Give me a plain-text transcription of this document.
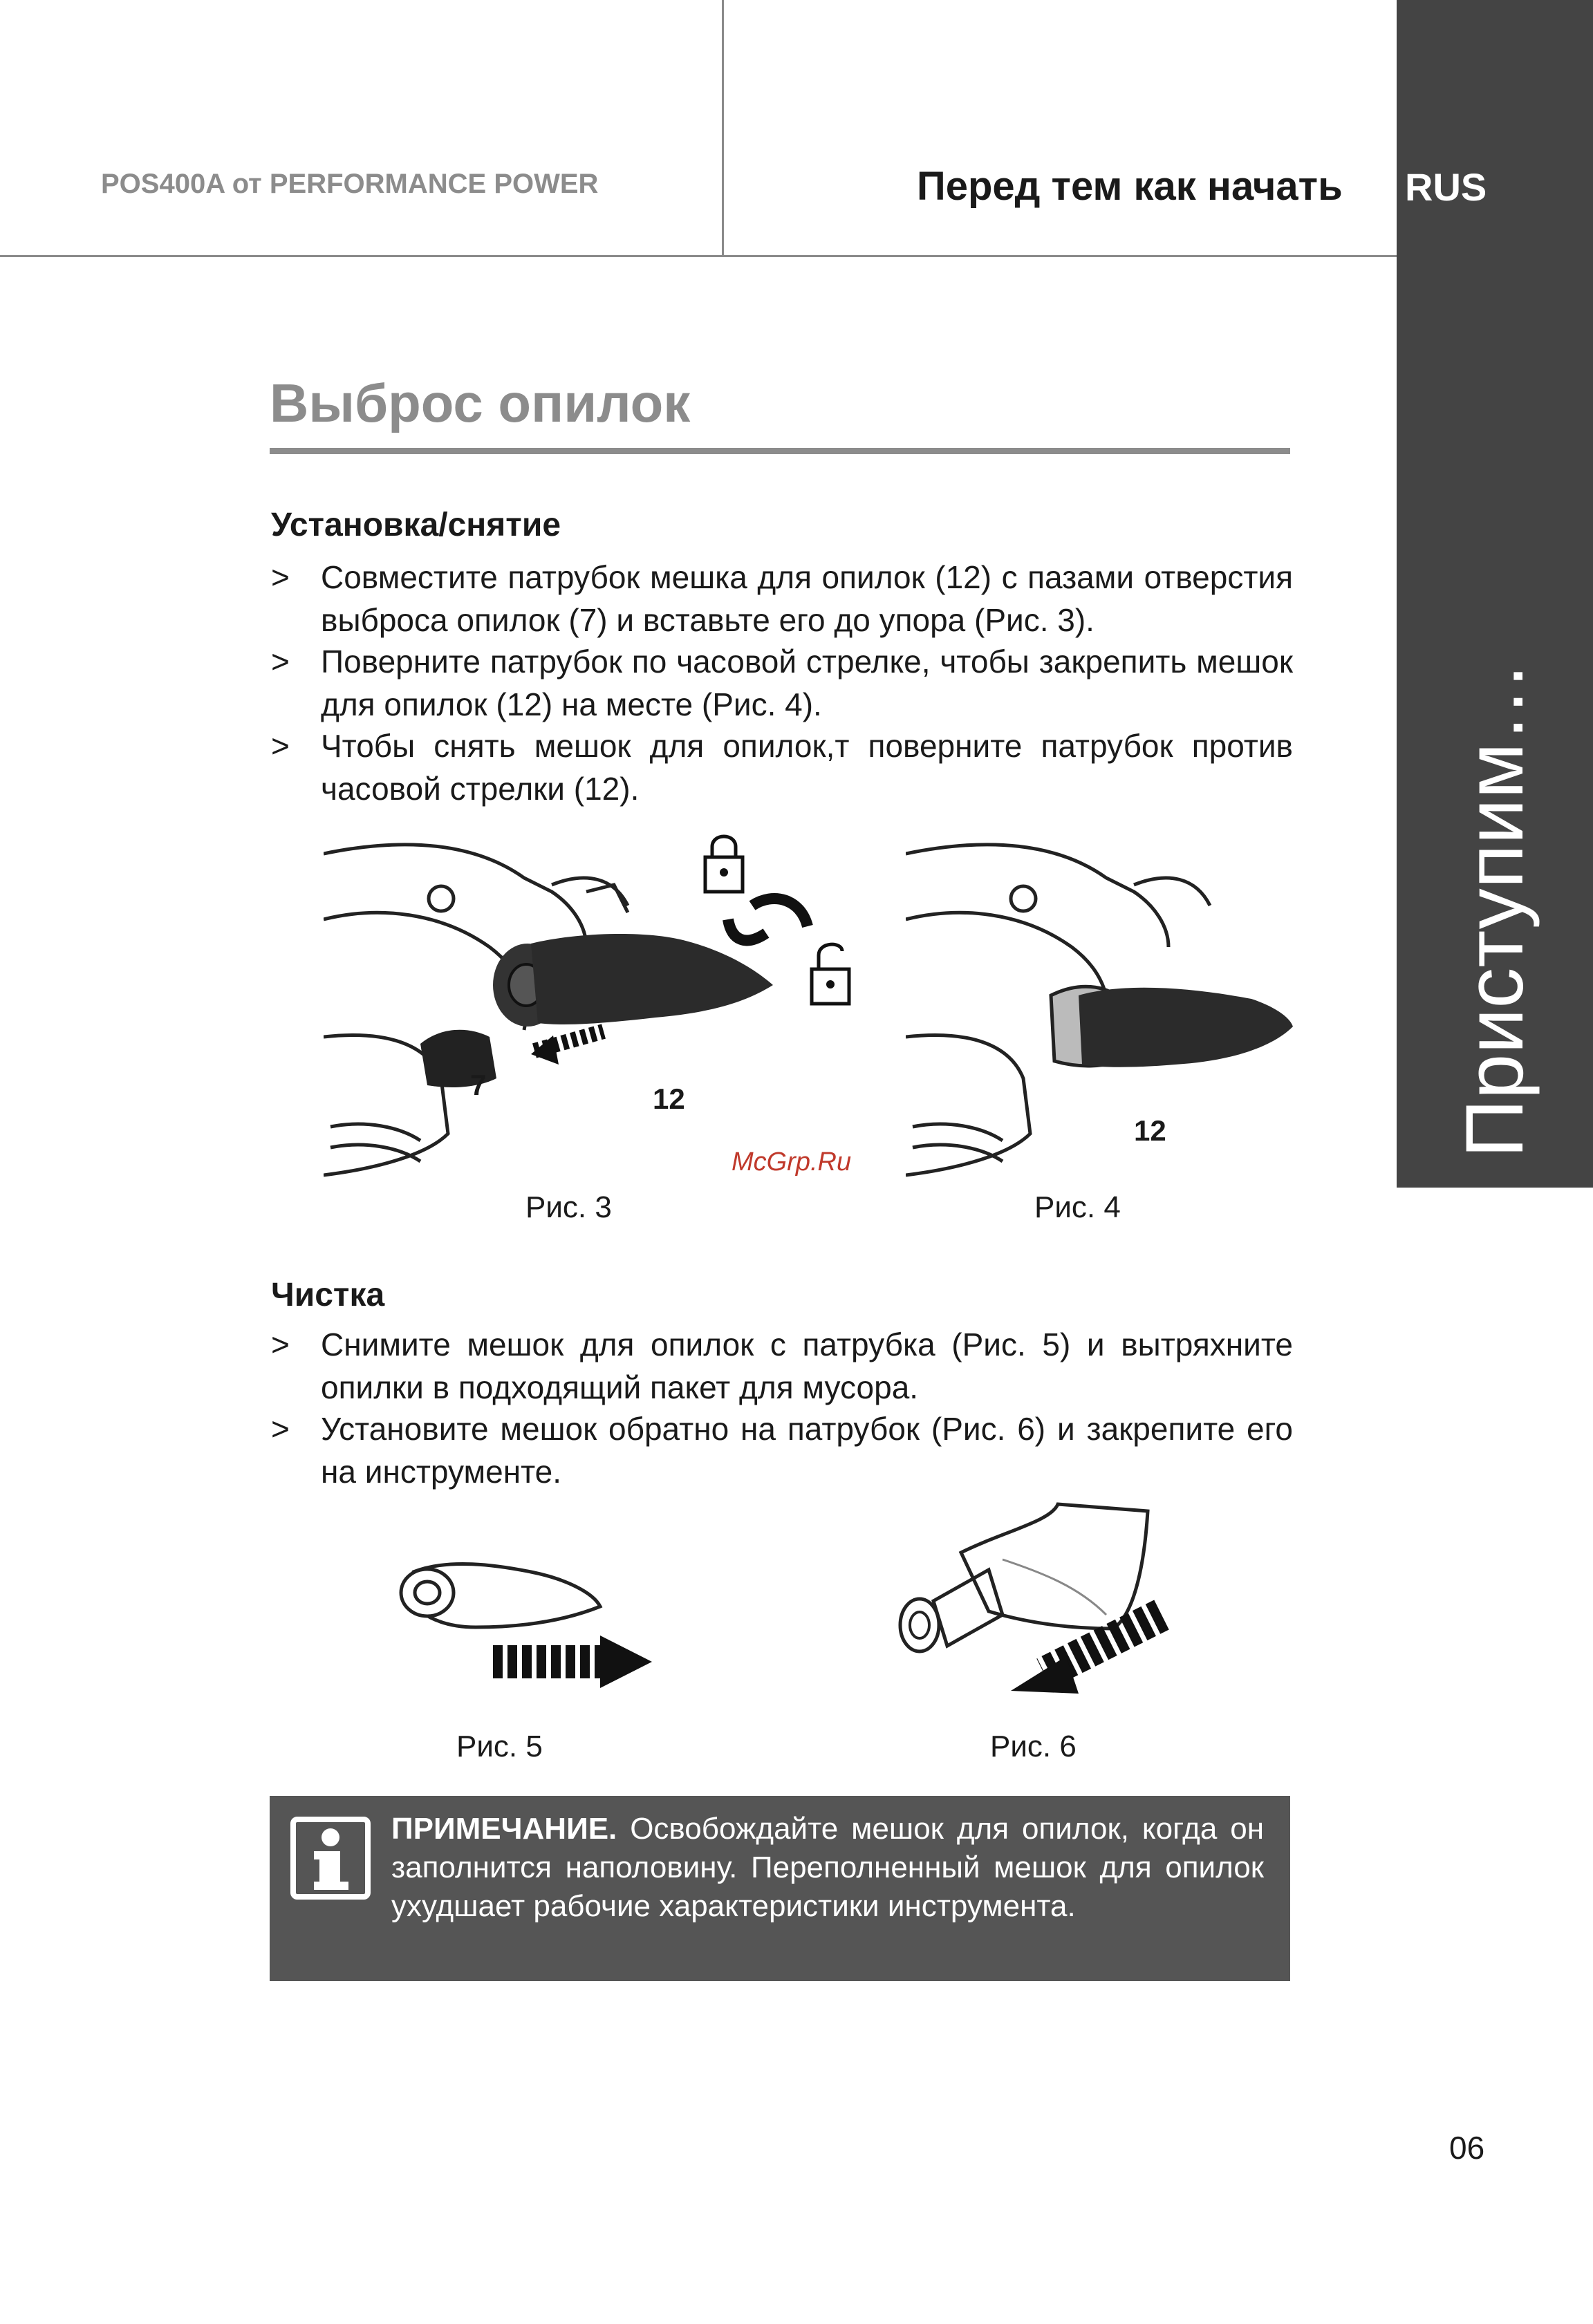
POS400A от PERFORMANCE POWER	Перед тем как начать RUS
Приступим…
Выброс опилок
Установка/снятие
> Совместите патрубок мешка для опилок (12) с пазами отверстия выброса опилок (7) и вставьте его до упора (Рис. 3).
> Поверните патрубок по часовой стрелке, чтобы закрепить мешок для опилок (12) на месте (Рис. 4).
> Чтобы снять мешок для опилок,т поверните патрубок против часовой стрелки (12).
7	12
Рис. 3
12
Рис. 4
McGrp.Ru
Чистка
> Снимите мешок для опилок с патрубка (Рис. 5) и вытряхните опилки в подходящий пакет для мусора.
> Установите мешок обратно на патрубок (Рис. 6) и закрепите его на инструменте.
Рис. 5	Рис. 6
ПРИМЕЧАНИЕ. Освобождайте мешок для опилок, когда он заполнится наполовину. Переполненный мешок для опилок ухудшает рабочие характеристики инструмента.
06
